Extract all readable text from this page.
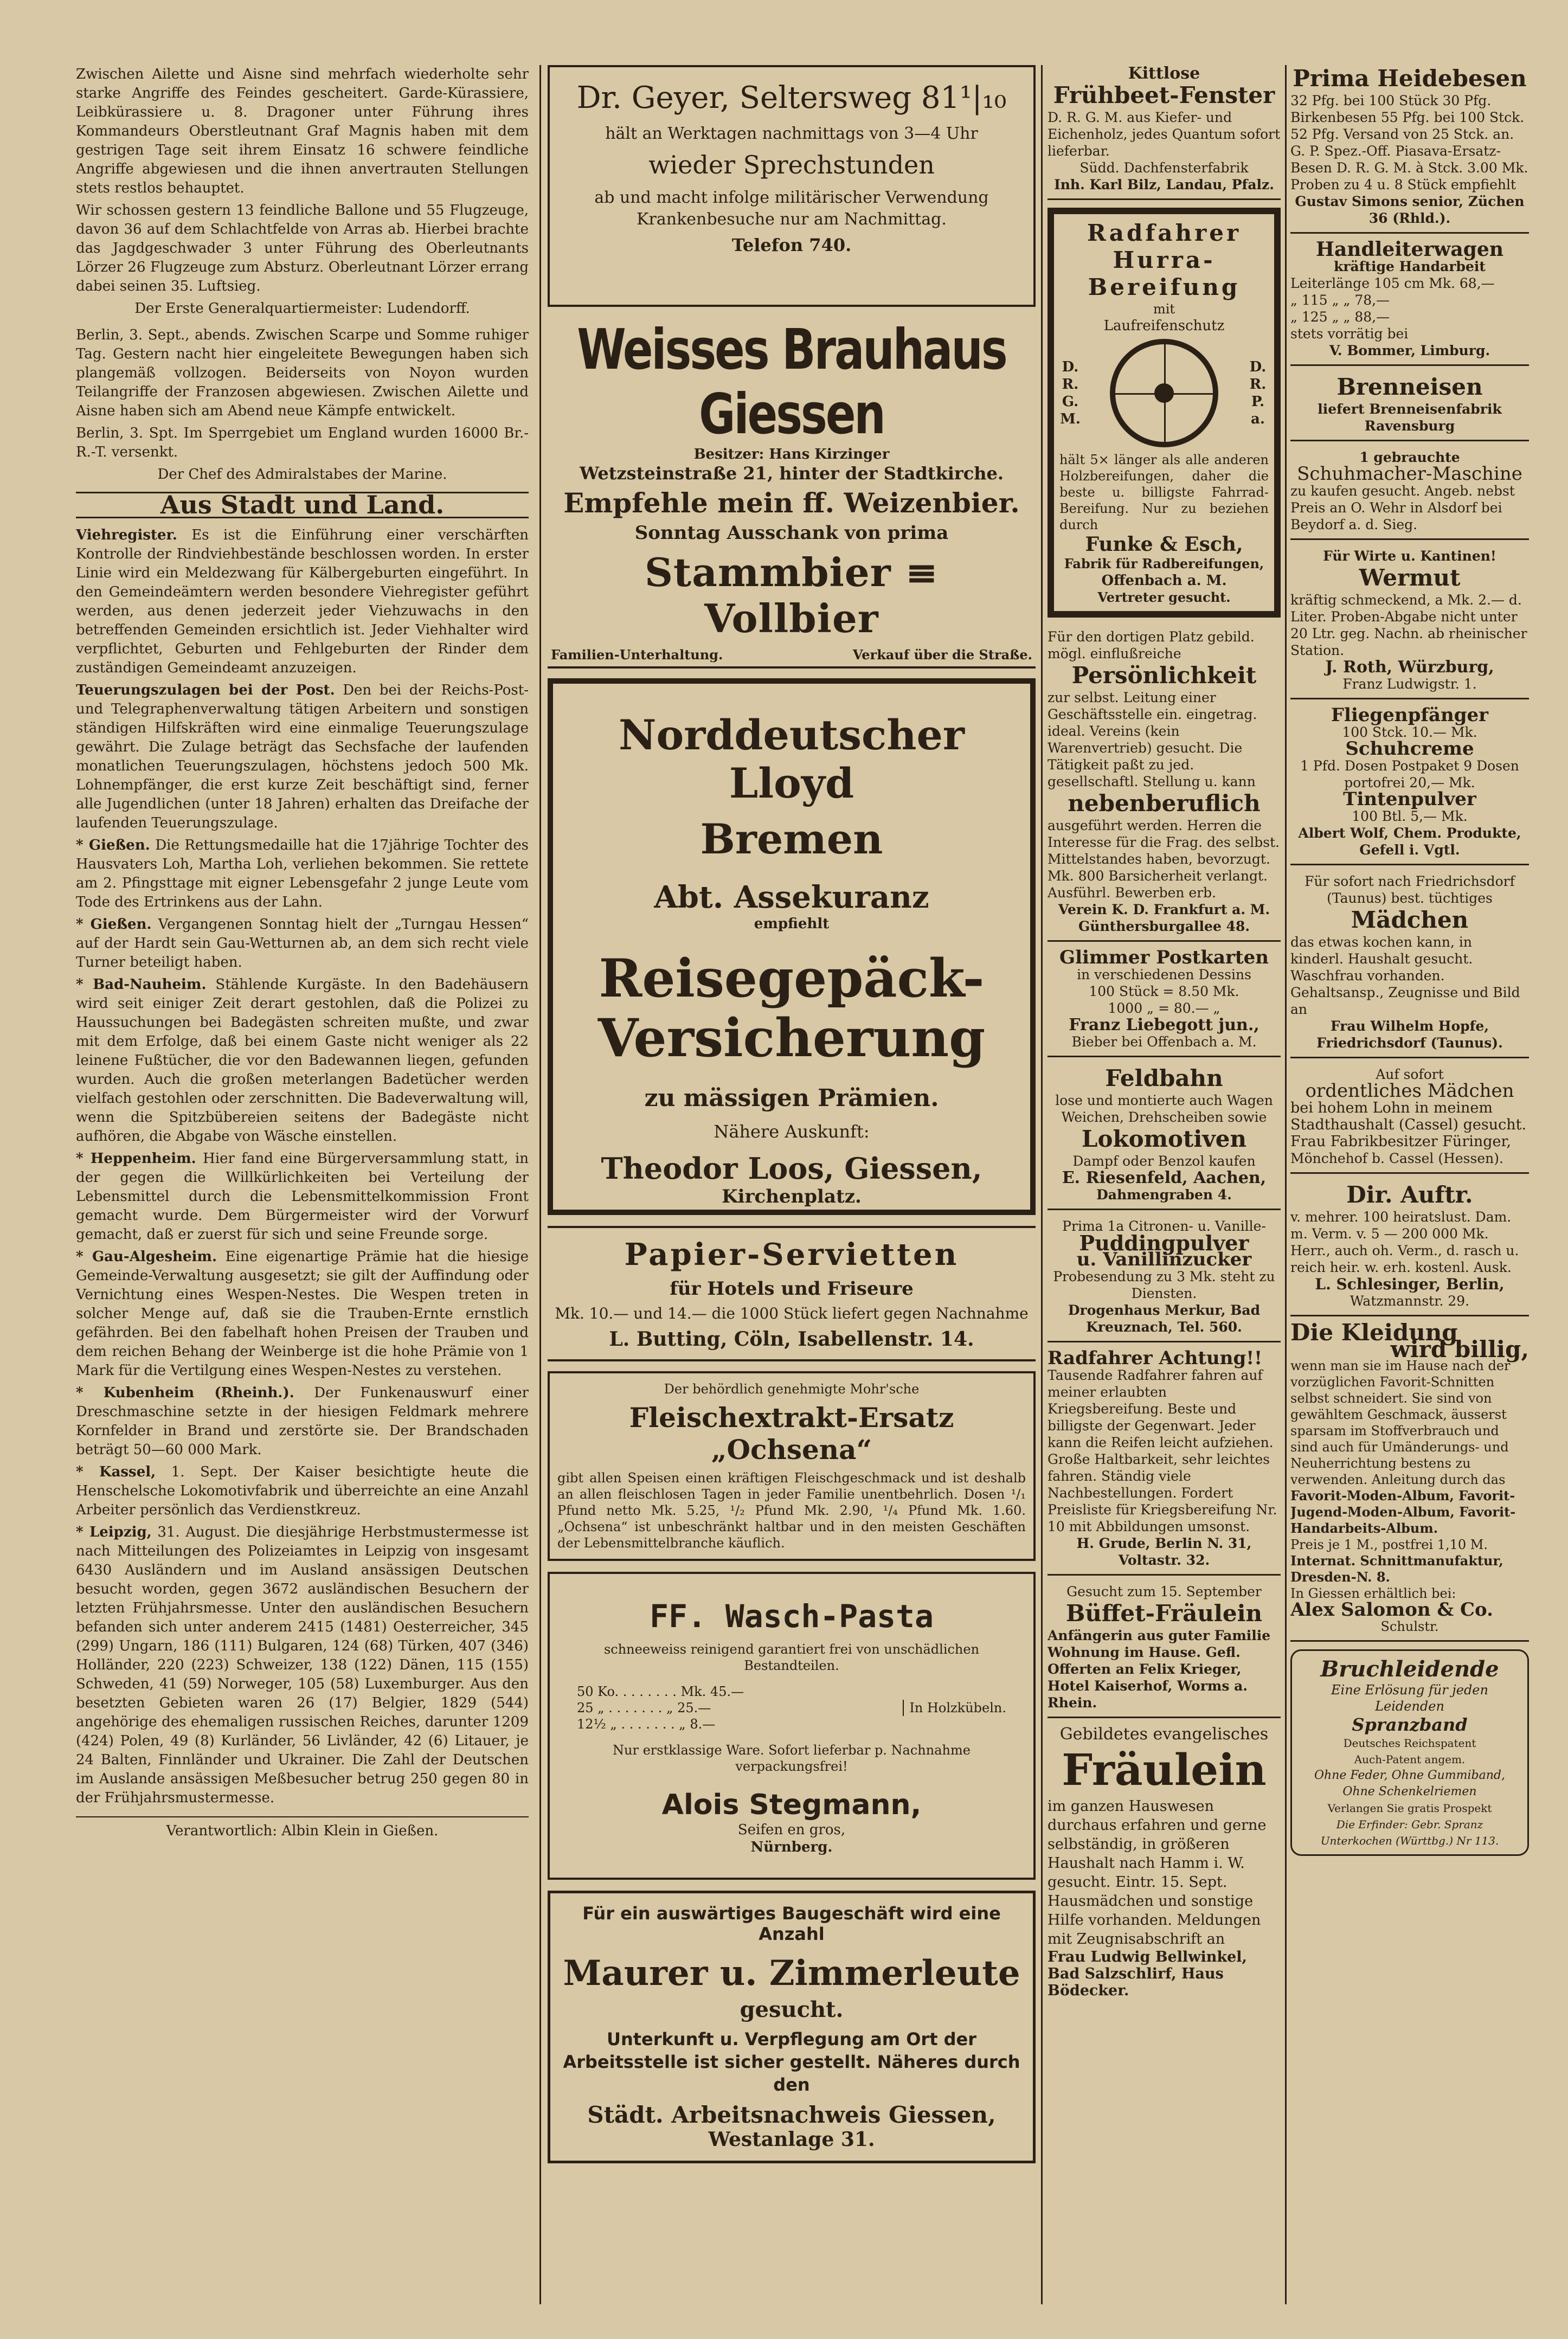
Zwischen Ailette und Aisne sind mehrfach wiederholte sehr starke Angriffe des Feindes gescheitert. Garde-Kürassiere, Leibkürassiere u. 8. Dragoner unter Führung ihres Kommandeurs Oberstleutnant Graf Magnis haben mit dem gestrigen Tage seit ihrem Einsatz 16 schwere feindliche Angriffe abgewiesen und die ihnen anvertrauten Stellungen stets restlos behauptet.

Wir schossen gestern 13 feindliche Ballone und 55 Flugzeuge, davon 36 auf dem Schlachtfelde von Arras ab. Hierbei brachte das Jagdgeschwader 3 unter Führung des Oberleutnants Lörzer 26 Flugzeuge zum Absturz. Oberleutnant Lörzer errang dabei seinen 35. Luftsieg.

Der Erste Generalquartiermeister: Ludendorff.

Berlin, 3. Sept., abends. Zwischen Scarpe und Somme ruhiger Tag. Gestern nacht hier eingeleitete Bewegungen haben sich plangemäß vollzogen. Beiderseits von Noyon wurden Teilangriffe der Franzosen abgewiesen. Zwischen Ailette und Aisne haben sich am Abend neue Kämpfe entwickelt.

Berlin, 3. Spt. Im Sperrgebiet um England wurden 16000 Br.-R.-T. versenkt.

Der Chef des Admiralstabes der Marine.

Aus Stadt und Land.

Viehregister. Es ist die Einführung einer verschärften Kontrolle der Rindviehbestände beschlossen worden. In erster Linie wird ein Meldezwang für Kälbergeburten eingeführt. In den Gemeindeämtern werden besondere Viehregister geführt werden, aus denen jederzeit jeder Viehzuwachs in den betreffenden Gemeinden ersichtlich ist. Jeder Viehhalter wird verpflichtet, Geburten und Fehlgeburten der Rinder dem zuständigen Gemeindeamt anzuzeigen.

Teuerungszulagen bei der Post. Den bei der Reichs-Post- und Telegraphenverwaltung tätigen Arbeitern und sonstigen ständigen Hilfskräften wird eine einmalige Teuerungszulage gewährt. Die Zulage beträgt das Sechsfache der laufenden monatlichen Teuerungszulagen, höchstens jedoch 500 Mk. Lohnempfänger, die erst kurze Zeit beschäftigt sind, ferner alle Jugendlichen (unter 18 Jahren) erhalten das Dreifache der laufenden Teuerungszulage.

* Gießen. Die Rettungsmedaille hat die 17jährige Tochter des Hausvaters Loh, Martha Loh, verliehen bekommen. Sie rettete am 2. Pfingsttage mit eigner Lebensgefahr 2 junge Leute vom Tode des Ertrinkens aus der Lahn.

* Gießen. Vergangenen Sonntag hielt der „Turngau Hessen“ auf der Hardt sein Gau-Wetturnen ab, an dem sich recht viele Turner beteiligt haben.

* Bad-Nauheim. Stählende Kurgäste. In den Badehäusern wird seit einiger Zeit derart gestohlen, daß die Polizei zu Haussuchungen bei Badegästen schreiten mußte, und zwar mit dem Erfolge, daß bei einem Gaste nicht weniger als 22 leinene Fußtücher, die vor den Badewannen liegen, gefunden wurden. Auch die großen meterlangen Badetücher werden vielfach gestohlen oder zerschnitten. Die Badeverwaltung will, wenn die Spitzbübereien seitens der Badegäste nicht aufhören, die Abgabe von Wäsche einstellen.

* Heppenheim. Hier fand eine Bürgerversammlung statt, in der gegen die Willkürlichkeiten bei Verteilung der Lebensmittel durch die Lebensmittelkommission Front gemacht wurde. Dem Bürgermeister wird der Vorwurf gemacht, daß er zuerst für sich und seine Freunde sorge.

* Gau-Algesheim. Eine eigenartige Prämie hat die hiesige Gemeinde-Verwaltung ausgesetzt; sie gilt der Auffindung oder Vernichtung eines Wespen-Nestes. Die Wespen treten in solcher Menge auf, daß sie die Trauben-Ernte ernstlich gefährden. Bei den fabelhaft hohen Preisen der Trauben und dem reichen Behang der Weinberge ist die hohe Prämie von 1 Mark für die Vertilgung eines Wespen-Nestes zu verstehen.

* Kubenheim (Rheinh.). Der Funkenauswurf einer Dreschmaschine setzte in der hiesigen Feldmark mehrere Kornfelder in Brand und zerstörte sie. Der Brandschaden beträgt 50—60 000 Mark.

* Kassel, 1. Sept. Der Kaiser besichtigte heute die Henschelsche Lokomotivfabrik und überreichte an eine Anzahl Arbeiter persönlich das Verdienstkreuz.

* Leipzig, 31. August. Die diesjährige Herbstmustermesse ist nach Mitteilungen des Polizeiamtes in Leipzig von insgesamt 6430 Ausländern und im Ausland ansässigen Deutschen besucht worden, gegen 3672 ausländischen Besuchern der letzten Frühjahrsmesse. Unter den ausländischen Besuchern befanden sich unter anderem 2415 (1481) Oesterreicher, 345 (299) Ungarn, 186 (111) Bulgaren, 124 (68) Türken, 407 (346) Holländer, 220 (223) Schweizer, 138 (122) Dänen, 115 (155) Schweden, 41 (59) Norweger, 105 (58) Luxemburger. Aus den besetzten Gebieten waren 26 (17) Belgier, 1829 (544) angehörige des ehemaligen russischen Reiches, darunter 1209 (424) Polen, 49 (8) Kurländer, 56 Livländer, 42 (6) Litauer, je 24 Balten, Finnländer und Ukrainer. Die Zahl der Deutschen im Auslande ansässigen Meßbesucher betrug 250 gegen 80 in der Frühjahrsmustermesse.

Verantwortlich: Albin Klein in Gießen.

Dr. Geyer, Seltersweg 81¹|₁₀
hält an Werktagen nachmittags von 3—4 Uhr
wieder Sprechstunden
ab und macht infolge militärischer Verwendung Krankenbesuche nur am Nachmittag.
Telefon 740.
Weisses Brauhaus Giessen
Besitzer: Hans Kirzinger
Wetzsteinstraße 21, hinter der Stadtkirche.
Empfehle mein ff. Weizenbier.
Sonntag Ausschank von prima
Stammbier ≡ Vollbier
Familien-Unterhaltung.	Verkauf über die Straße.
Norddeutscher Lloyd
Bremen
Abt. Assekuranz
empfiehlt
Reisegepäck-
Versicherung
zu mässigen Prämien.
Nähere Auskunft:
Theodor Loos, Giessen,
Kirchenplatz.
Papier-Servietten
für Hotels und Friseure
Mk. 10.— und 14.— die 1000 Stück liefert gegen Nachnahme
L. Butting, Cöln, Isabellenstr. 14.
Der behördlich genehmigte Mohr'sche
Fleischextrakt-Ersatz „Ochsena“
gibt allen Speisen einen kräftigen Fleischgeschmack und ist deshalb an allen fleischlosen Tagen in jeder Familie unentbehrlich. Dosen ¹/₁ Pfund netto Mk. 5.25, ¹/₂ Pfund Mk. 2.90, ¹/₄ Pfund Mk. 1.60. „Ochsena“ ist unbeschränkt haltbar und in den meisten Geschäften der Lebensmittelbranche käuflich.
FF. Wasch-Pasta
schneeweiss reinigend garantiert frei von unschädlichen Bestandteilen.
50 Ko. . . . . . . . Mk. 45.—
25 „ . . . . . . . „ 25.—
12½ „ . . . . . . . „ 8.—
In Holzkübeln.
Nur erstklassige Ware. Sofort lieferbar p. Nachnahme verpackungsfrei!
Alois Stegmann,
Seifen en gros,
Nürnberg.
Für ein auswärtiges Baugeschäft wird eine Anzahl
Maurer u. Zimmerleute
gesucht.
Unterkunft u. Verpflegung am Ort der Arbeitsstelle ist sicher gestellt. Näheres durch den
Städt. Arbeitsnachweis Giessen,
Westanlage 31.
Kittlose
Frühbeet-Fenster
D. R. G. M. aus Kiefer- und Eichenholz, jedes Quantum sofort lieferbar.
Südd. Dachfensterfabrik
Inh. Karl Bilz, Landau, Pfalz.
Radfahrer
Hurra-
Bereifung
mit
Laufreifenschutz
D. R. G. M.
D. R. P. a.
hält 5× länger als alle anderen Holzbereifungen, daher die beste u. billigste Fahrrad-Bereifung. Nur zu beziehen durch
Funke & Esch,
Fabrik für Radbereifungen,
Offenbach a. M.
Vertreter gesucht.
Für den dortigen Platz gebild. mögl. einflußreiche
Persönlichkeit
zur selbst. Leitung einer Geschäftsstelle ein. eingetrag. ideal. Vereins (kein Warenvertrieb) gesucht. Die Tätigkeit paßt zu jed. gesellschaftl. Stellung u. kann
nebenberuflich
ausgeführt werden. Herren die Interesse für die Frag. des selbst. Mittelstandes haben, bevorzugt. Mk. 800 Barsicherheit verlangt. Ausführl. Bewerben erb.
Verein K. D. Frankfurt a. M. Günthersburgallee 48.
Glimmer Postkarten
in verschiedenen Dessins
100 Stück = 8.50 Mk.
1000 „ = 80.— „
Franz Liebegott jun.,
Bieber bei Offenbach a. M.
Feldbahn
lose und montierte auch Wagen Weichen, Drehscheiben sowie
Lokomotiven
Dampf oder Benzol kaufen
E. Riesenfeld, Aachen,
Dahmengraben 4.
Prima 1a Citronen- u. Vanille-
Puddingpulver
u. Vanillinzucker
Probesendung zu 3 Mk. steht zu Diensten.
Drogenhaus Merkur, Bad Kreuznach, Tel. 560.
Radfahrer Achtung!!
Tausende Radfahrer fahren auf meiner erlaubten Kriegsbereifung. Beste und billigste der Gegenwart. Jeder kann die Reifen leicht aufziehen. Große Haltbarkeit, sehr leichtes fahren. Ständig viele Nachbestellungen. Fordert Preisliste für Kriegsbereifung Nr. 10 mit Abbildungen umsonst.
H. Grude, Berlin N. 31, Voltastr. 32.
Gesucht zum 15. September
Büffet-Fräulein
Anfängerin aus guter Familie Wohnung im Hause. Gefl. Offerten an Felix Krieger, Hotel Kaiserhof, Worms a. Rhein.
Gebildetes evangelisches
Fräulein
im ganzen Hauswesen durchaus erfahren und gerne selbständig, in größeren Haushalt nach Hamm i. W. gesucht. Eintr. 15. Sept. Hausmädchen und sonstige Hilfe vorhanden. Meldungen mit Zeugnisabschrift an
Frau Ludwig Bellwinkel, Bad Salzschlirf, Haus Bödecker.
Prima Heidebesen
32 Pfg. bei 100 Stück 30 Pfg. Birkenbesen 55 Pfg. bei 100 Stck. 52 Pfg. Versand von 25 Stck. an. G. P. Spez.-Off. Piasava-Ersatz-Besen D. R. G. M. à Stck. 3.00 Mk. Proben zu 4 u. 8 Stück empfiehlt
Gustav Simons senior, Züchen 36 (Rhld.).
Handleiterwagen
kräftige Handarbeit
Leiterlänge 105 cm Mk. 68,—
„ 115 „ „ 78,—
„ 125 „ „ 88,—
stets vorrätig bei
V. Bommer, Limburg.
Brenneisen
liefert Brenneisenfabrik Ravensburg
1 gebrauchte
Schuhmacher-Maschine
zu kaufen gesucht. Angeb. nebst Preis an O. Wehr in Alsdorf bei Beydorf a. d. Sieg.
Für Wirte u. Kantinen!
Wermut
kräftig schmeckend, a Mk. 2.— d. Liter. Proben-Abgabe nicht unter 20 Ltr. geg. Nachn. ab rheinischer Station.
J. Roth, Würzburg,
Franz Ludwigstr. 1.
Fliegenpfänger
100 Stck. 10.— Mk.
Schuhcreme
1 Pfd. Dosen Postpaket 9 Dosen portofrei 20,— Mk.
Tintenpulver
100 Btl. 5,— Mk.
Albert Wolf, Chem. Produkte, Gefell i. Vgtl.
Für sofort nach Friedrichsdorf (Taunus) best. tüchtiges
Mädchen
das etwas kochen kann, in kinderl. Haushalt gesucht. Waschfrau vorhanden. Gehaltsansp., Zeugnisse und Bild an
Frau Wilhelm Hopfe, Friedrichsdorf (Taunus).
Auf sofort
ordentliches Mädchen
bei hohem Lohn in meinem Stadthaushalt (Cassel) gesucht.
Frau Fabrikbesitzer Füringer,
Mönchehof b. Cassel (Hessen).
Dir. Auftr.
v. mehrer. 100 heiratslust. Dam. m. Verm. v. 5 — 200 000 Mk. Herr., auch oh. Verm., d. rasch u. reich heir. w. erh. kostenl. Ausk.
L. Schlesinger, Berlin,
Watzmannstr. 29.
Die Kleidung
wird billig,
wenn man sie im Hause nach der vorzüglichen Favorit-Schnitten selbst schneidert. Sie sind von gewähltem Geschmack, äusserst sparsam im Stoffverbrauch und sind auch für Umänderungs- und Neuherrichtung bestens zu verwenden. Anleitung durch das
Favorit-Moden-Album, Favorit-Jugend-Moden-Album, Favorit-Handarbeits-Album.
Preis je 1 M., postfrei 1,10 M.
Internat. Schnittmanufaktur, Dresden-N. 8.
In Giessen erhältlich bei:
Alex Salomon & Co.
Schulstr.
Bruchleidende
Eine Erlösung für jeden Leidenden
Spranzband
Deutsches Reichspatent
Auch-Patent angem.
Ohne Feder, Ohne Gummiband, Ohne Schenkelriemen
Verlangen Sie gratis Prospekt
Die Erfinder: Gebr. Spranz
Unterkochen (Württbg.) Nr 113.
